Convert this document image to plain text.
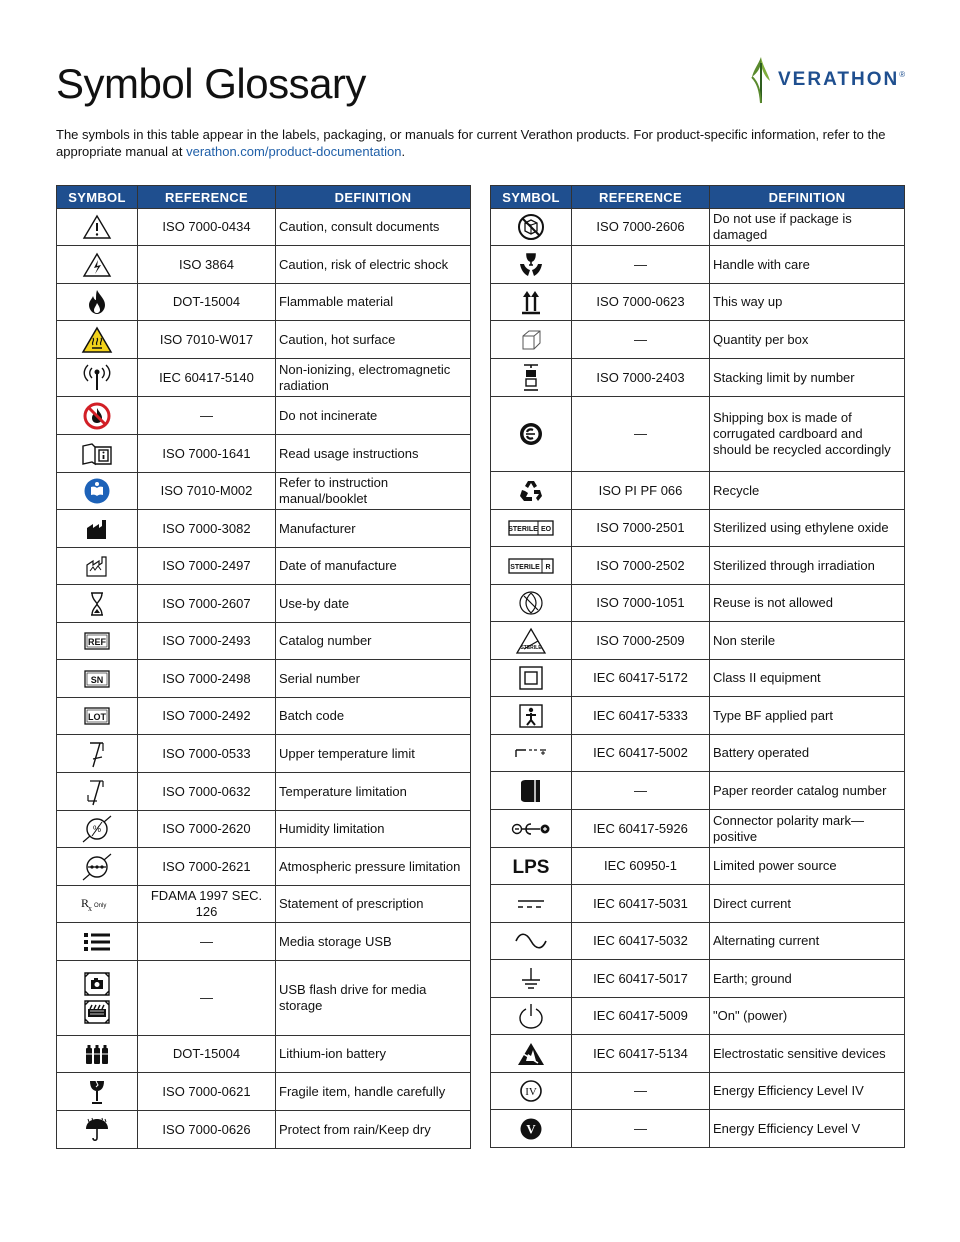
Symbol Glossary	VERATHON ®

The symbols in this table appear in the labels, packaging, or manuals for current Verathon products. For product-specific information, refer to the appropriate manual at verathon.com/product-documentation.

SYMBOL	REFERENCE	DEFINITION

	ISO 7000-0434	Caution, consult documents

	ISO 3864	Caution, risk of electric shock

	DOT-15004	Flammable material

	ISO 7010-W017	Caution, hot surface

	IEC 60417-5140	Non-ionizing, electromagnetic radiation

	—	Do not incinerate

	ISO 7000-1641	Read usage instructions

	ISO 7010-M002	Refer to instruction manual/booklet

	ISO 7000-3082	Manufacturer

	ISO 7000-2497	Date of manufacture

	ISO 7000-2607	Use-by date

REF	ISO 7000-2493	Catalog number

SN	ISO 7000-2498	Serial number

LOT	ISO 7000-2492	Batch code

	ISO 7000-0533	Upper temperature limit

	ISO 7000-0632	Temperature limitation

%	ISO 7000-2620	Humidity limitation

	ISO 7000-2621	Atmospheric pressure limitation

R
x Only	FDAMA 1997 SEC. 126	Statement of prescription

	—	Media storage USB

	—	USB flash drive for media storage

	DOT-15004	Lithium-ion battery

	ISO 7000-0621	Fragile item, handle carefully

	ISO 7000-0626	Protect from rain/Keep dry
SYMBOL	REFERENCE	DEFINITION

	ISO 7000-2606	Do not use if package is damaged

	—	Handle with care

	ISO 7000-0623	This way up

	—	Quantity per box

	ISO 7000-2403	Stacking limit by number

	—	Shipping box is made of corrugated cardboard and should be recycled accordingly

	ISO PI PF 066	Recycle

STERILE EO	ISO 7000-2501	Sterilized using ethylene oxide

STERILE R	ISO 7000-2502	Sterilized through irradiation

	ISO 7000-1051	Reuse is not allowed

STERILE	ISO 7000-2509	Non sterile

	IEC 60417-5172	Class II equipment

	IEC 60417-5333	Type BF applied part

	IEC 60417-5002	Battery operated

	—	Paper reorder catalog number

	IEC 60417-5926	Connector polarity mark—positive

LPS	IEC 60950-1	Limited power source

	IEC 60417-5031	Direct current

	IEC 60417-5032	Alternating current

	IEC 60417-5017	Earth; ground

	IEC 60417-5009	"On" (power)

	IEC 60417-5134	Electrostatic sensitive devices

IV	—	Energy Efficiency Level IV

V	—	Energy Efficiency Level V
